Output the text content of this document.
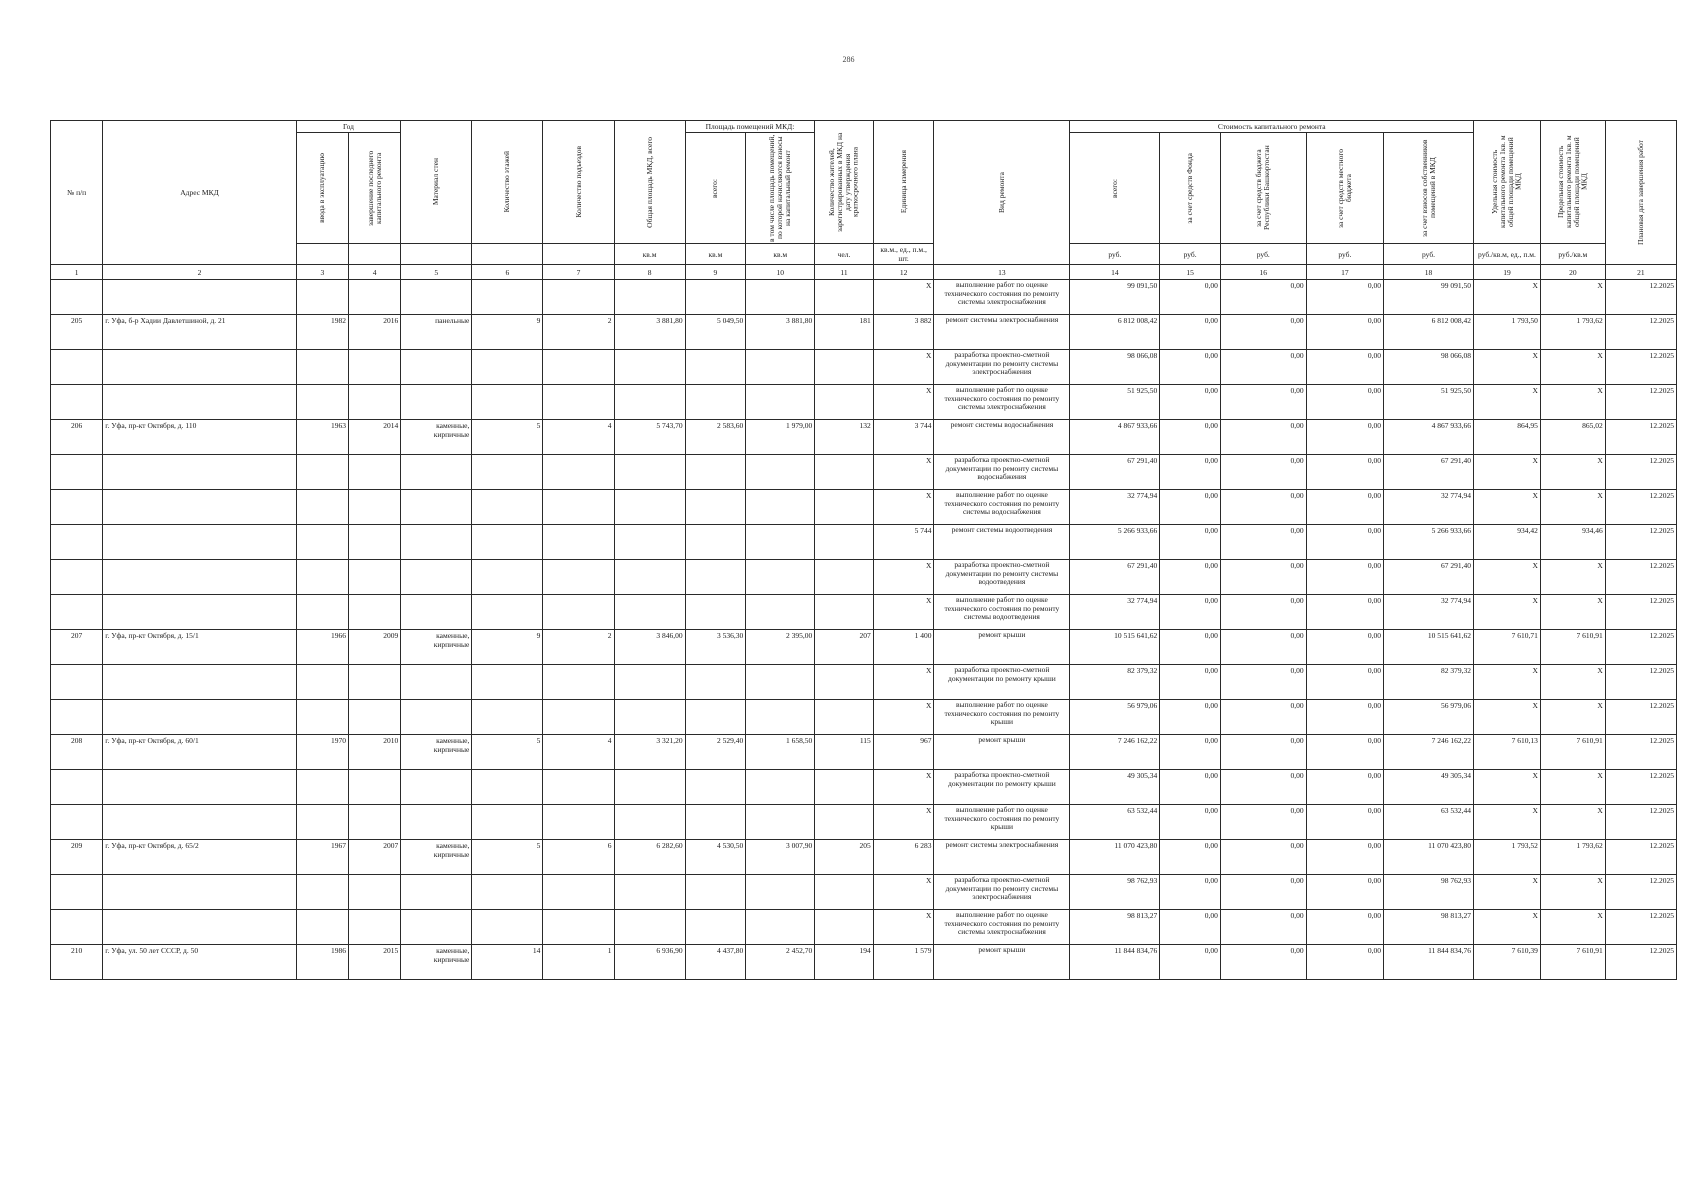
286
№ п/п	Адрес МКД	Год		Материал стен	Количество этажей	Количество подъездов	Общая площадь МКД, всего	Площадь помещений МКД:		Количество жителей, зарегистрированных в МКД на дату утверждения краткосрочного плана	Единица измерения	Вид ремонта	Стоимость капитального ремонта					Удельная стоимость капитального ремонта 1кв. м общей площади помещений МКД	Предельная стоимость капитального ремонта 1кв. м общей площади помещений МКД	Плановая дата завершения работ

		ввода в эксплуатацию	завершение последнего капитального ремонта					всего:	в том числе площадь помещений, по которой начисляются взносы на капитальный ремонт				всего:	за счет средств Фонда	за счет средств бюджета Республики Башкортостан	за счет средств местного бюджета	за счет взносов собственников помещений в МКД			

							кв.м	кв.м	кв.м	чел.	кв.м., ед., п.м., шт.		руб.	руб.	руб.	руб.	руб.	руб./кв.м, ед., п.м.	руб./кв.м	
1	2	3	4	5	6	7	8	9	10	11	12	13	14	15	16	17	18	19	20	21
											X	выполнение работ по оценке технического состояния по ремонту системы электроснабжения	99 091,50	0,00	0,00	0,00	99 091,50	X	X	12.2025
205	г. Уфа, б-р Хадии Давлетшиной, д. 21	1982	2016	панельные	9	2	3 881,80	5 049,50	3 881,80	181	3 882	ремонт системы электроснабжения	6 812 008,42	0,00	0,00	0,00	6 812 008,42	1 793,50	1 793,62	12.2025
											X	разработка проектно-сметной документации по ремонту системы электроснабжения	98 066,08	0,00	0,00	0,00	98 066,08	X	X	12.2025
											X	выполнение работ по оценке технического состояния по ремонту системы электроснабжения	51 925,50	0,00	0,00	0,00	51 925,50	X	X	12.2025
206	г. Уфа, пр-кт Октября, д. 110	1963	2014	каменные, кирпичные	5	4	5 743,70	2 583,60	1 979,00	132	3 744	ремонт системы водоснабжения	4 867 933,66	0,00	0,00	0,00	4 867 933,66	864,95	865,02	12.2025
											X	разработка проектно-сметной документации по ремонту системы водоснабжения	67 291,40	0,00	0,00	0,00	67 291,40	X	X	12.2025
											X	выполнение работ по оценке технического состояния по ремонту системы водоснабжения	32 774,94	0,00	0,00	0,00	32 774,94	X	X	12.2025
											5 744	ремонт системы водоотведения	5 266 933,66	0,00	0,00	0,00	5 266 933,66	934,42	934,46	12.2025
											X	разработка проектно-сметной документации по ремонту системы водоотведения	67 291,40	0,00	0,00	0,00	67 291,40	X	X	12.2025
											X	выполнение работ по оценке технического состояния по ремонту системы водоотведения	32 774,94	0,00	0,00	0,00	32 774,94	X	X	12.2025
207	г. Уфа, пр-кт Октября, д. 15/1	1966	2009	каменные, кирпичные	9	2	3 846,00	3 536,30	2 395,00	207	1 400	ремонт крыши	10 515 641,62	0,00	0,00	0,00	10 515 641,62	7 610,71	7 610,91	12.2025
											X	разработка проектно-сметной документации по ремонту крыши	82 379,32	0,00	0,00	0,00	82 379,32	X	X	12.2025
											X	выполнение работ по оценке технического состояния по ремонту крыши	56 979,06	0,00	0,00	0,00	56 979,06	X	X	12.2025
208	г. Уфа, пр-кт Октября, д. 60/1	1970	2010	каменные, кирпичные	5	4	3 321,20	2 529,40	1 658,50	115	967	ремонт крыши	7 246 162,22	0,00	0,00	0,00	7 246 162,22	7 610,13	7 610,91	12.2025
											X	разработка проектно-сметной документации по ремонту крыши	49 305,34	0,00	0,00	0,00	49 305,34	X	X	12.2025
											X	выполнение работ по оценке технического состояния по ремонту крыши	63 532,44	0,00	0,00	0,00	63 532,44	X	X	12.2025
209	г. Уфа, пр-кт Октября, д. 65/2	1967	2007	каменные, кирпичные	5	6	6 282,60	4 530,50	3 007,90	205	6 283	ремонт системы электроснабжения	11 070 423,80	0,00	0,00	0,00	11 070 423,80	1 793,52	1 793,62	12.2025
											X	разработка проектно-сметной документации по ремонту системы электроснабжения	98 762,93	0,00	0,00	0,00	98 762,93	X	X	12.2025
											X	выполнение работ по оценке технического состояния по ремонту системы электроснабжения	98 813,27	0,00	0,00	0,00	98 813,27	X	X	12.2025
210	г. Уфа, ул. 50 лет СССР, д. 50	1986	2015	каменные, кирпичные	14	1	6 936,90	4 437,80	2 452,70	194	1 579	ремонт крыши	11 844 834,76	0,00	0,00	0,00	11 844 834,76	7 610,39	7 610,91	12.2025
